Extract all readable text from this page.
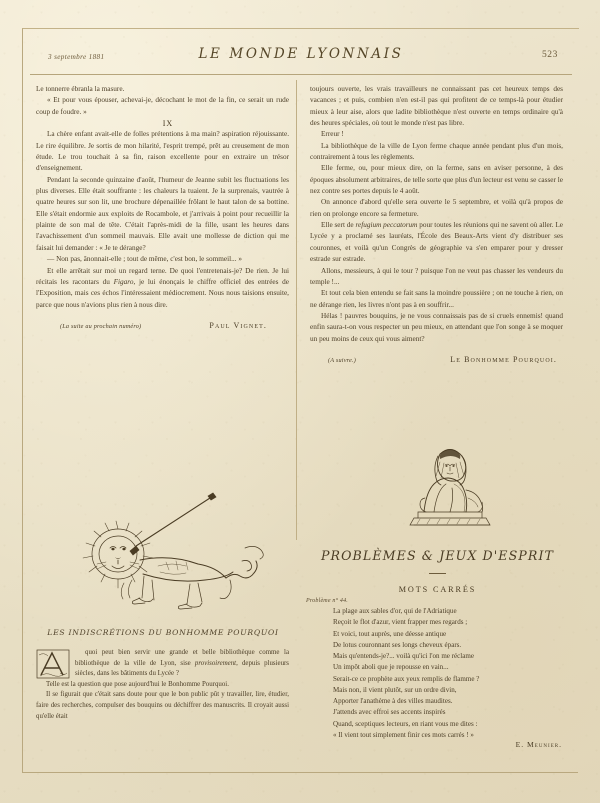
3 septembre 1881	LE MONDE LYONNAIS	523

Le tonnerre ébranla la masure.

« Et pour vous épouser, achevai-je, décochant le mot de la fin, ce serait un rude coup de foudre. »

IX

La chère enfant avait-elle de folles prétentions à ma main? aspiration réjouissante. Le rire équilibre. Je sortis de mon hilarité, l'esprit trempé, prêt au creusement de mon étude. Le trou touchait à sa fin, raison excellente pour en extraire un trésor d'enseignement.

Pendant la seconde quinzaine d'août, l'humeur de Jeanne subit les fluctuations les plus diverses. Elle était souffrante : les chaleurs la tuaient. Je la surprenais, vautrée à quatre heures sur son lit, une brochure dépenaillée frôlant le haut talon de sa bottine. Elle s'était endormie aux exploits de Rocambole, et j'arrivais à point pour recueillir la plainte de son mal de tête. C'était l'après-midi de la fille, usant les heures dans l'avachissement d'un sommeil mauvais. Elle avait une mollesse de diction qui me faisait lui demander : « Je te dérange?

— Non pas, ânonnait-elle ; tout de même, c'est bon, le sommeil... »

Et elle arrêtait sur moi un regard terne. De quoi l'entretenais-je? De rien. Je lui récitais les racontars du Figaro, je lui énonçais le chiffre officiel des entrées de l'Exposition, mais ces échos l'intéressaient médiocrement. Nous nous taisions ensuite, parce que nous n'avions plus rien à nous dire.

(La suite au prochain numéro)	Paul Vignet.
LES INDISCRÉTIONS DU BONHOMME POURQUOI

quoi peut bien servir une grande et belle bibliothèque comme la bibliothèque de la ville de Lyon, sise provisoirement, depuis plusieurs siècles, dans les bâtiments du Lycée ?

Telle est la question que pose aujourd'hui le Bonhomme Pourquoi.

Il se figurait que c'était sans doute pour que le bon public pût y travailler, lire, étudier, faire des recherches, compulser des bouquins ou déchiffrer des manuscrits. Il croyait aussi qu'elle était

toujours ouverte, les vrais travailleurs ne connaissant pas cet heureux temps des vacances ; et puis, combien n'en est-il pas qui profitent de ce temps-là pour étudier mieux à leur aise, alors que ladite bibliothèque n'est ouverte en temps ordinaire qu'à des heures spéciales, où tout le monde n'est pas libre.

Erreur !

La bibliothèque de la ville de Lyon ferme chaque année pendant plus d'un mois, contrairement à tous les règlements.

Elle ferme, ou, pour mieux dire, on la ferme, sans en aviser personne, à des époques absolument arbitraires, de telle sorte que plus d'un lecteur est venu se casser le nez contre ses portes depuis le 4 août.

On annonce d'abord qu'elle sera ouverte le 5 septembre, et voilà qu'à propos de rien on prolonge encore sa fermeture.

Elle sert de refugium peccatorum pour toutes les réunions qui ne savent où aller. Le Lycée y a proclamé ses lauréats, l'École des Beaux-Arts vient d'y distribuer ses couronnes, et voilà qu'un Congrès de géographie va s'en emparer pour y dresser estrade sur estrade.

Allons, messieurs, à qui le tour ? puisque l'on ne veut pas chasser les vendeurs du temple !...

Et tout cela bien entendu se fait sans la moindre poussière ; on ne touche à rien, on ne dérange rien, les livres n'ont pas à en souffrir...

Hélas ! pauvres bouquins, je ne vous connaissais pas de si cruels ennemis! quand enfin saura-t-on vous respecter un peu mieux, en attendant que l'on songe à se moquer un peu moins de ceux qui vous aiment?

(A suivre.)	Le Bonhomme Pourquoi.
PROBLÈMES & JEUX D'ESPRIT
MOTS CARRÉS
Problème n° 44.
La plage aux sables d'or, qui de l'Adriatique
Reçoit le flot d'azur, vient frapper mes regards ;
Et voici, tout auprès, une déesse antique
De lotus couronnant ses longs cheveux épars.
Mais qu'entends-je?... voilà qu'ici l'on me réclame
Un impôt aboli que je repousse en vain...
Serait-ce ce prophète aux yeux remplis de flamme ?
Mais non, il vient plutôt, sur un ordre divin,
Apporter l'anathème à des villes maudites.
J'attends avec effroi ses accents inspirés
Quand, sceptiques lecteurs, en riant vous me dites :
« Il vient tout simplement finir ces mots carrés ! »
E. Meunier.
